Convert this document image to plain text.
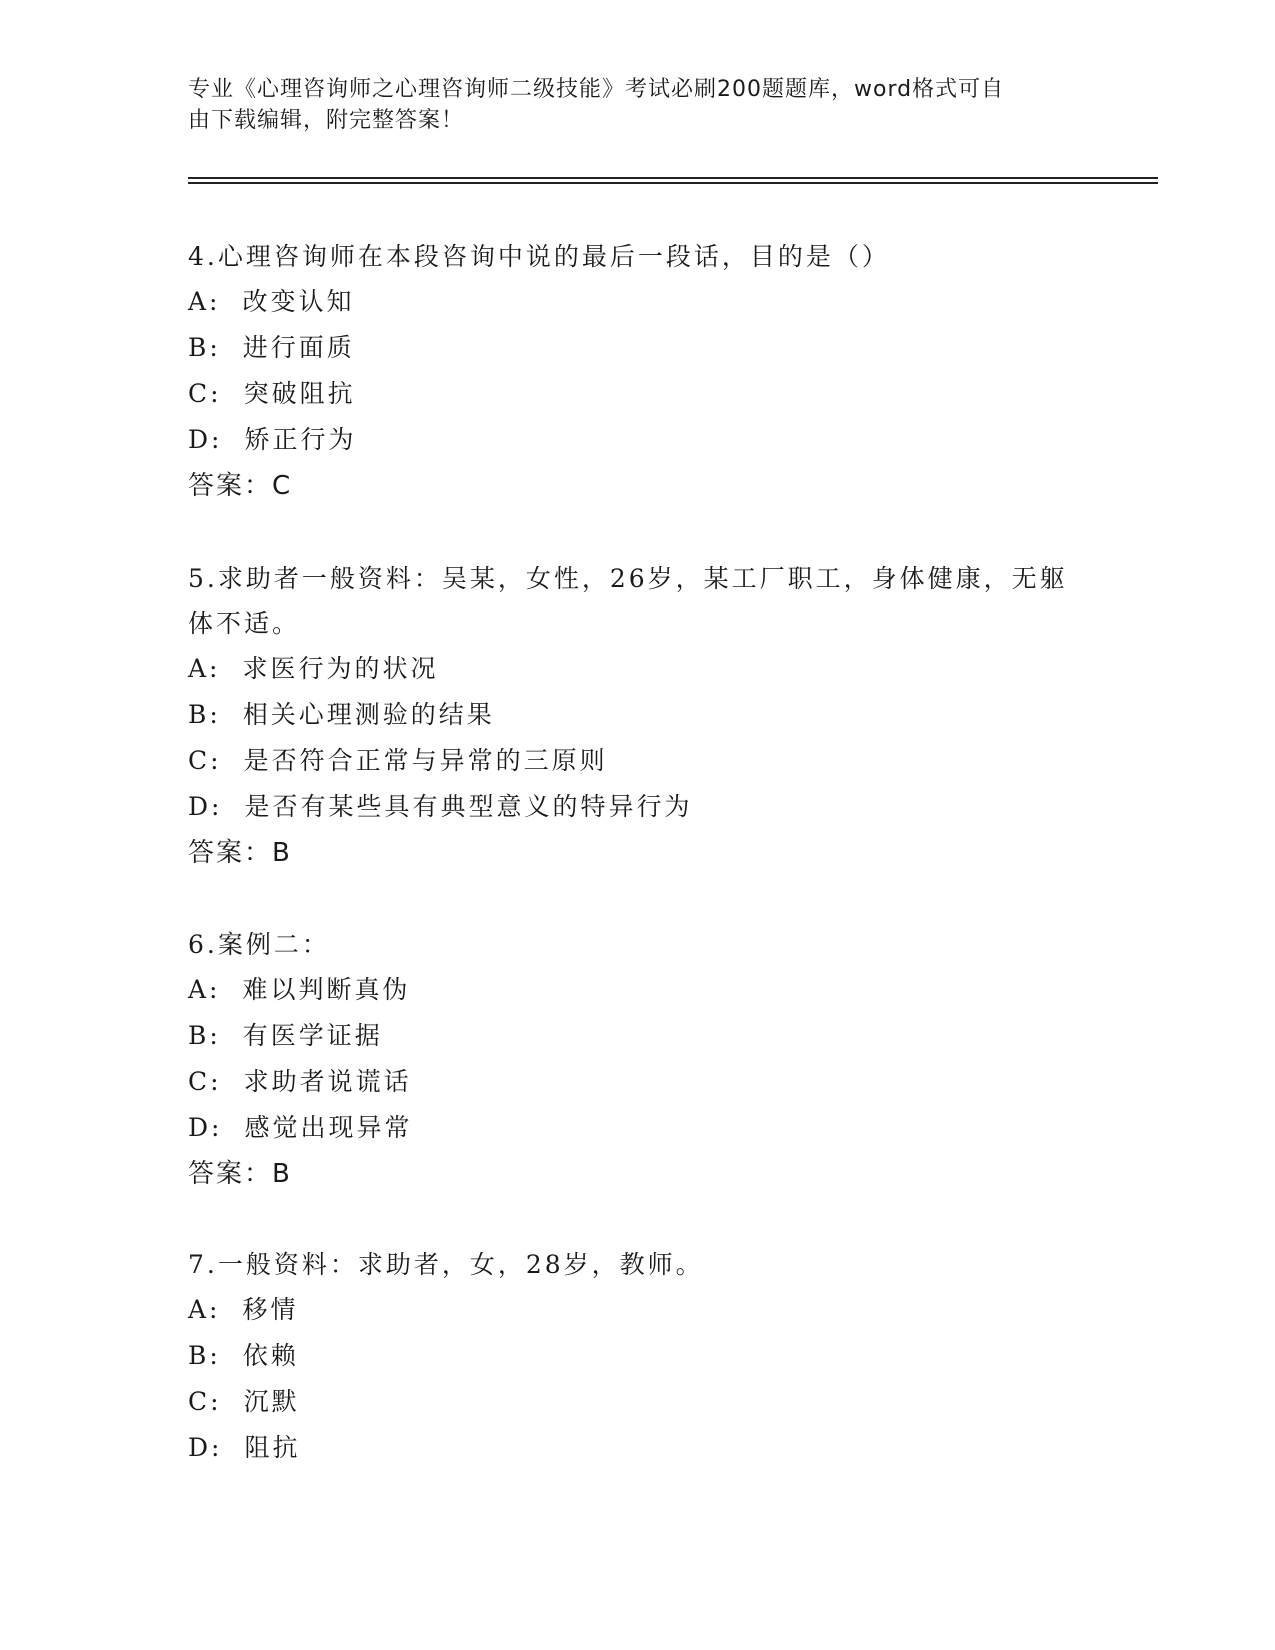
专业《心理咨询师之心理咨询师二级技能》考试必刷200题题库，word格式可自
由下载编辑，附完整答案！

4.心理咨询师在本段咨询中说的最后一段话，目的是（）

A: 改变认知

B: 进行面质

C: 突破阻抗

D: 矫正行为

答案：C

5.求助者一般资料：吴某，女性，26岁，某工厂职工，身体健康，无躯体不适。

A: 求医行为的状况

B: 相关心理测验的结果

C: 是否符合正常与异常的三原则

D: 是否有某些具有典型意义的特异行为

答案：B

6.案例二：

A: 难以判断真伪

B: 有医学证据

C: 求助者说谎话

D: 感觉出现异常

答案：B

7.一般资料：求助者，女，28岁，教师。

A: 移情

B: 依赖

C: 沉默

D: 阻抗
